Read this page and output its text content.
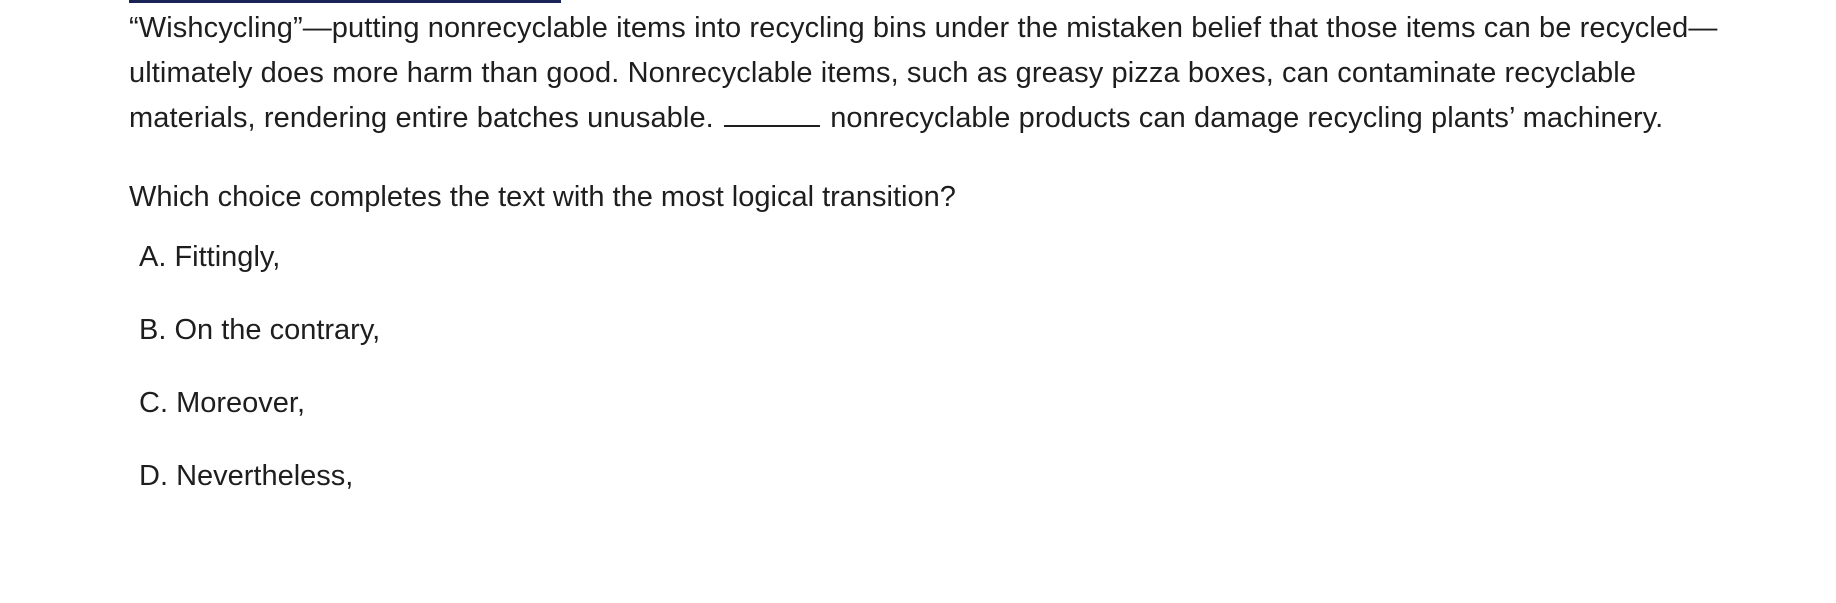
“Wishcycling”—putting nonrecyclable items into recycling bins under the mistaken belief that those items can be recycled—ultimately does more harm than good. Nonrecyclable items, such as greasy pizza boxes, can contaminate recyclable materials, rendering entire batches unusable.	nonrecyclable products can damage recycling plants’ machinery.

Which choice completes the text with the most logical transition?

A. Fittingly,
B. On the contrary,
C. Moreover,
D. Nevertheless,
